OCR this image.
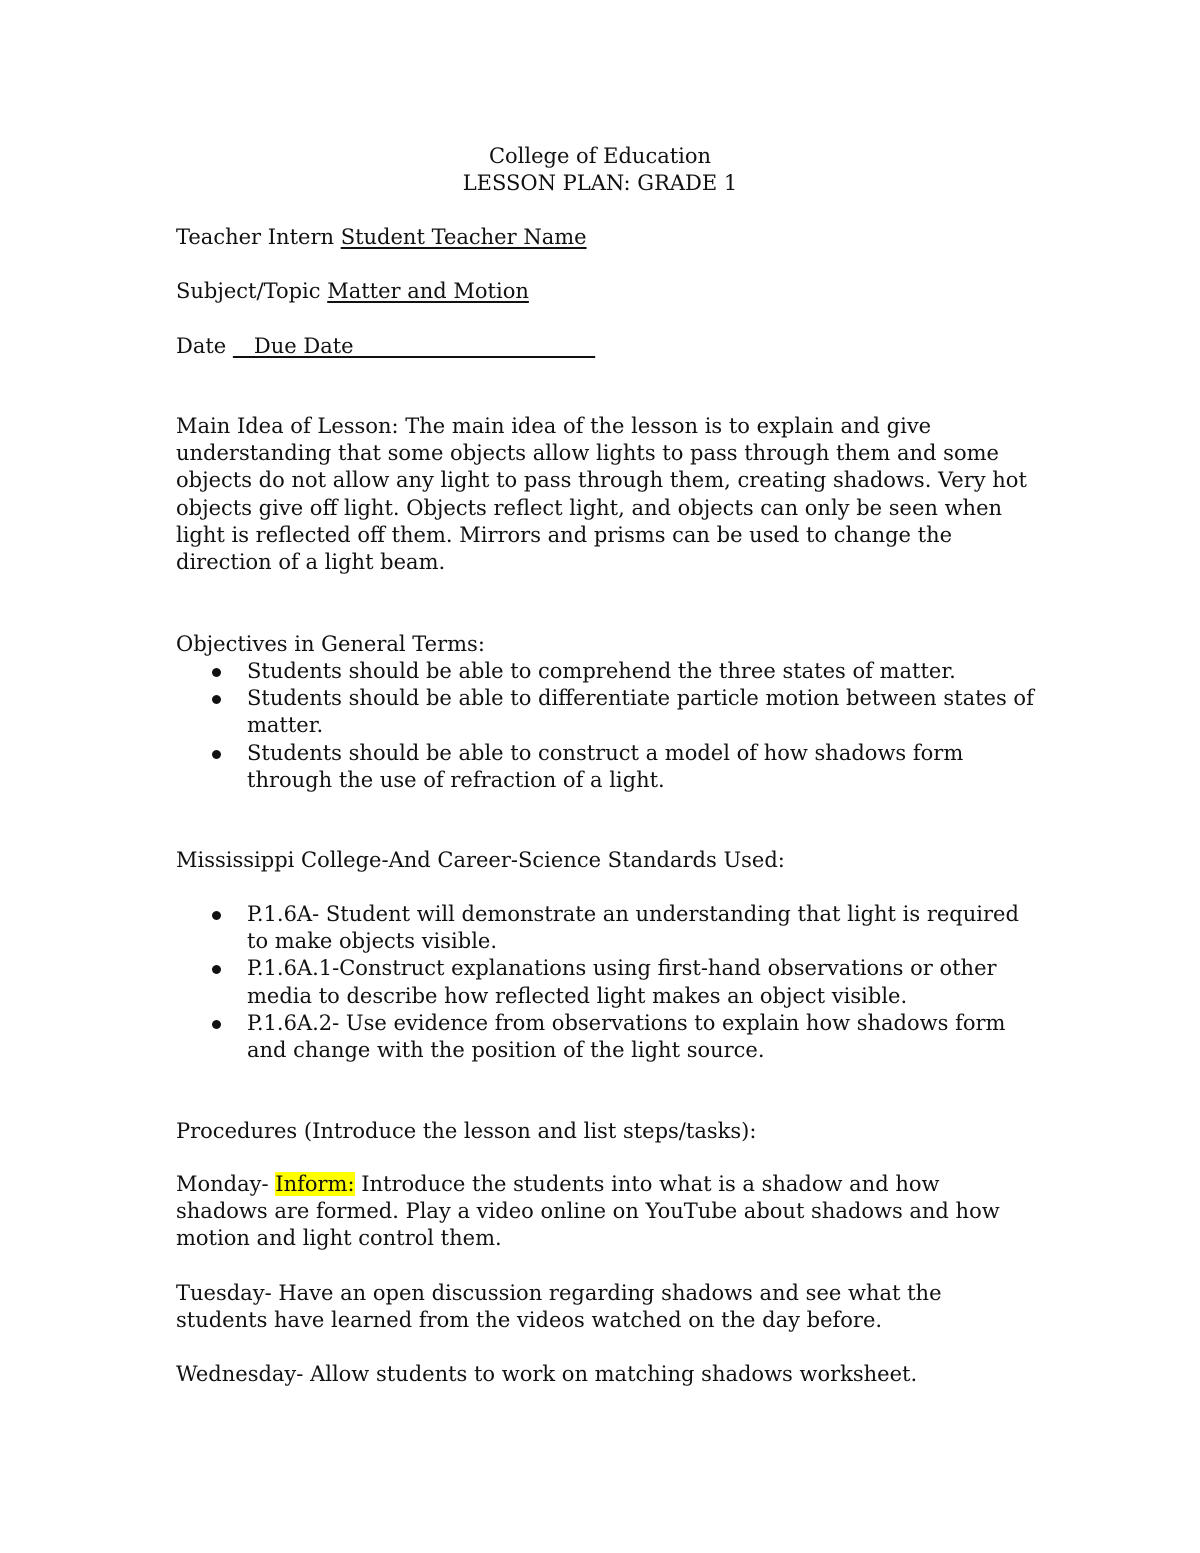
College of Education
LESSON PLAN: GRADE 1
Teacher Intern Student Teacher Name
Subject/Topic Matter and Motion
Date __Due Date_______________________
Main Idea of Lesson: The main idea of the lesson is to explain and give understanding that some objects allow lights to pass through them and some objects do not allow any light to pass through them, creating shadows. Very hot objects give off light. Objects reflect light, and objects can only be seen when light is reflected off them. Mirrors and prisms can be used to change the direction of a light beam.
Objectives in General Terms:
Students should be able to comprehend the three states of matter.
Students should be able to differentiate particle motion between states of matter.
Students should be able to construct a model of how shadows form through the use of refraction of a light.
Mississippi College-And Career-Science Standards Used:
P.1.6A- Student will demonstrate an understanding that light is required to make objects visible.
P.1.6A.1-Construct explanations using first-hand observations or other media to describe how reflected light makes an object visible.
P.1.6A.2- Use evidence from observations to explain how shadows form and change with the position of the light source.
Procedures (Introduce the lesson and list steps/tasks):
Monday- Inform: Introduce the students into what is a shadow and how shadows are formed. Play a video online on YouTube about shadows and how motion and light control them.
Tuesday- Have an open discussion regarding shadows and see what the students have learned from the videos watched on the day before.
Wednesday- Allow students to work on matching shadows worksheet.
